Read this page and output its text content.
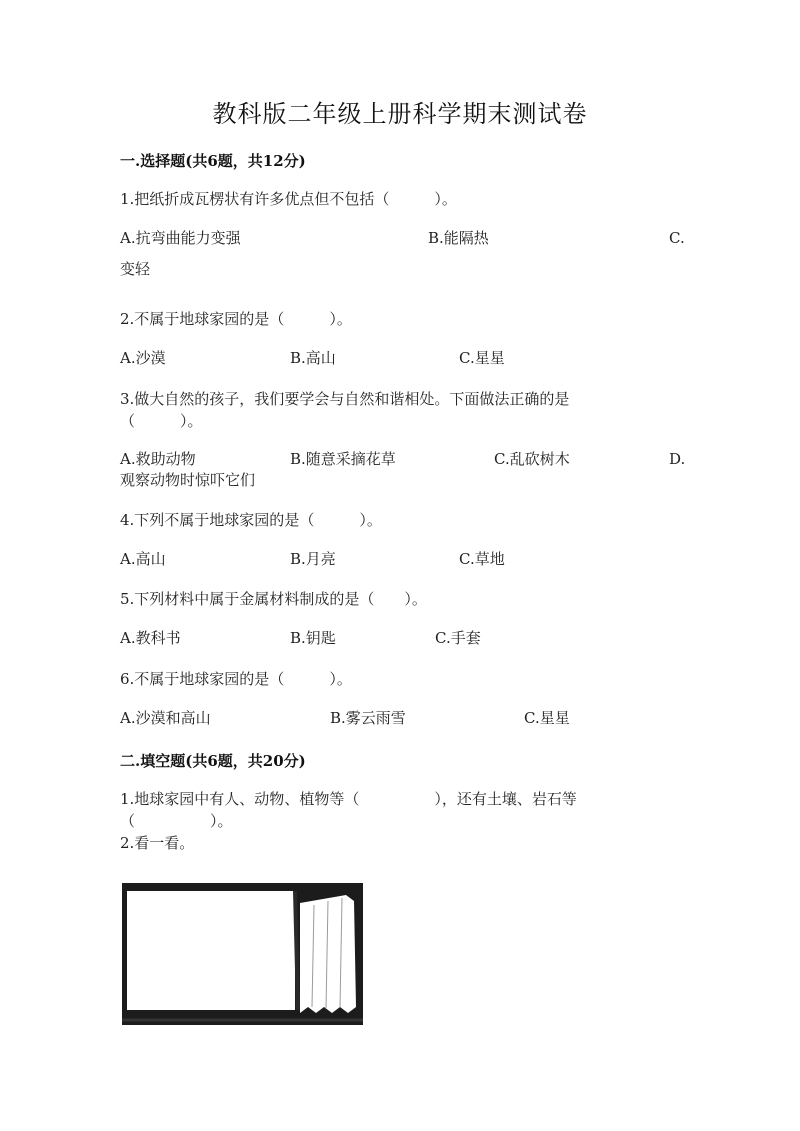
教科版二年级上册科学期末测试卷
一.选择题(共6题，共12分)
1.把纸折成瓦楞状有许多优点但不包括（　　　）。
A.抗弯曲能力变强	B.能隔热	C.
变轻
2.不属于地球家园的是（　　　）。
A.沙漠	B.高山	C.星星
3.做大自然的孩子，我们要学会与自然和谐相处。下面做法正确的是
（　　　）。
A.救助动物	B.随意采摘花草	C.乱砍树木	D.
观察动物时惊吓它们
4.下列不属于地球家园的是（　　　）。
A.高山	B.月亮	C.草地
5.下列材料中属于金属材料制成的是（　　）。
A.教科书	B.钥匙	C.手套
6.不属于地球家园的是（　　　）。
A.沙漠和高山	B.雾云雨雪	C.星星
二.填空题(共6题，共20分)
1.地球家园中有人、动物、植物等（　　　　　），还有土壤、岩石等
（　　　　　）。
2.看一看。
